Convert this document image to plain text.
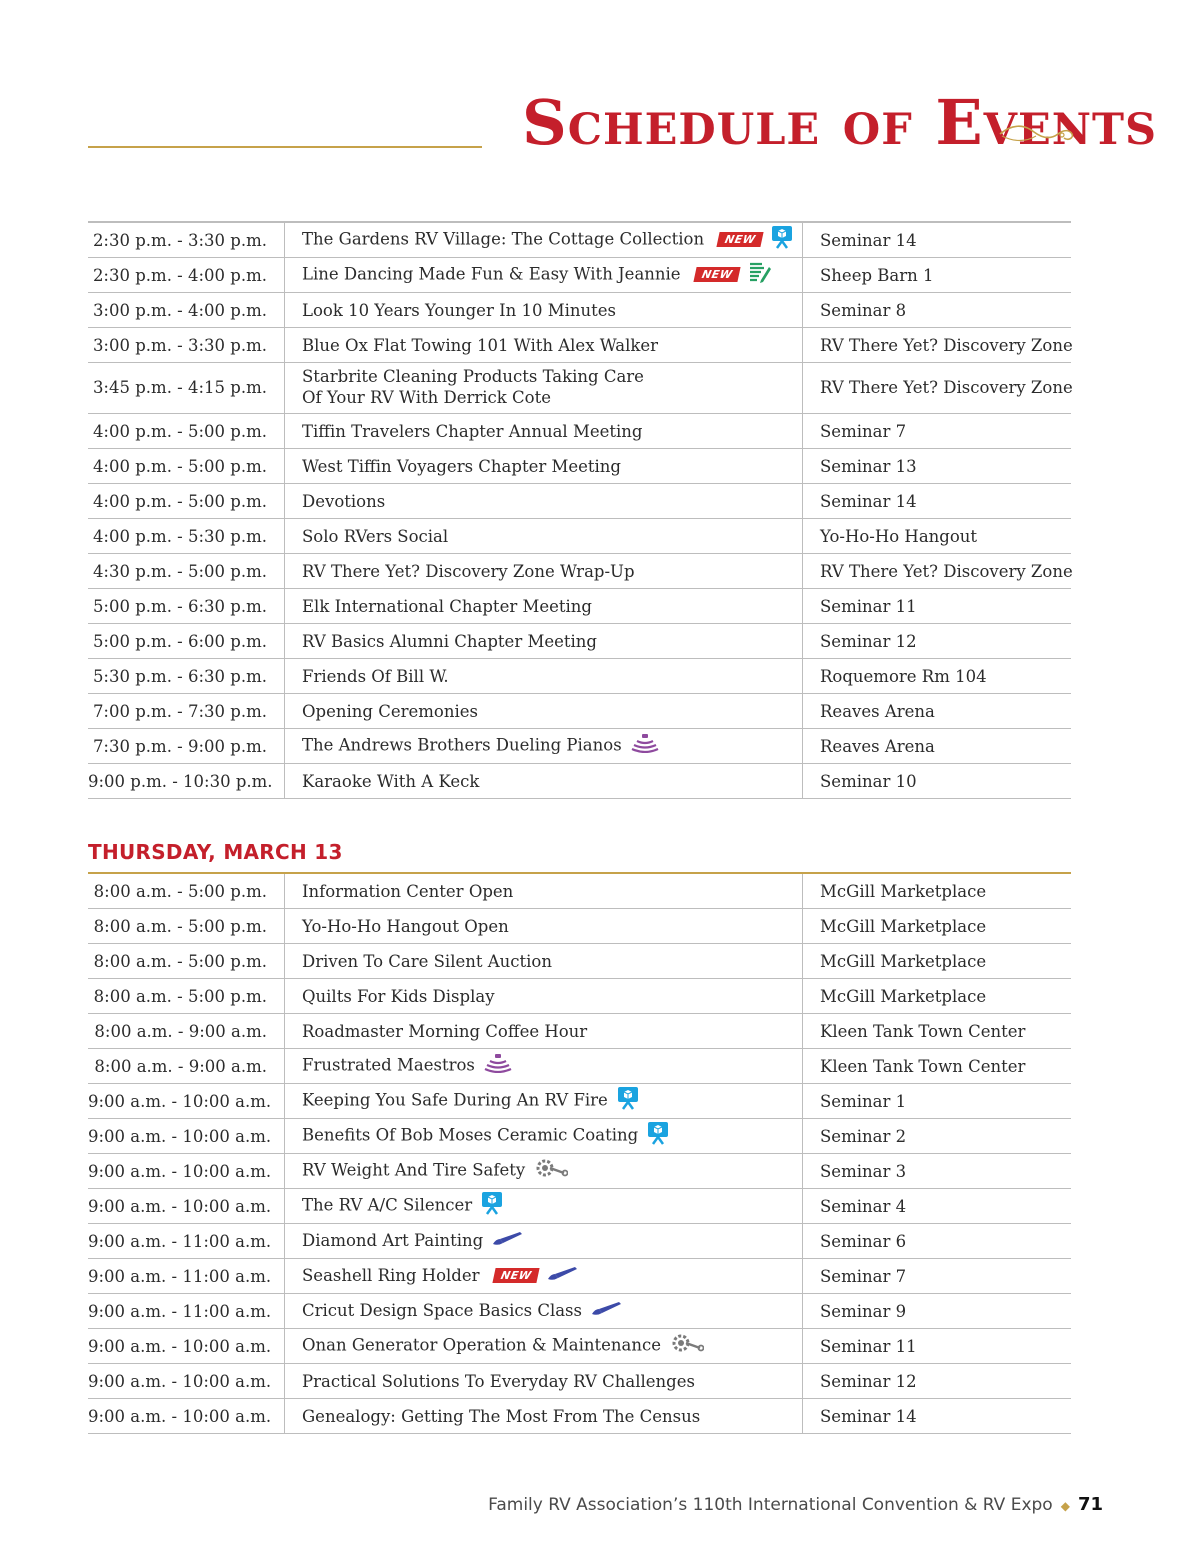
Schedule of Events
2:30 p.m. - 3:30 p.m.	The Gardens RV Village: The Cottage Collection NEW	Seminar 14
2:30 p.m. - 4:00 p.m.	Line Dancing Made Fun & Easy With Jeannie NEW	Sheep Barn 1
3:00 p.m. - 4:00 p.m.	Look 10 Years Younger In 10 Minutes	Seminar 8
3:00 p.m. - 3:30 p.m.	Blue Ox Flat Towing 101 With Alex Walker	RV There Yet? Discovery Zone
3:45 p.m. - 4:15 p.m.	Starbrite Cleaning Products Taking Care
Of Your RV With Derrick Cote	RV There Yet? Discovery Zone
4:00 p.m. - 5:00 p.m.	Tiffin Travelers Chapter Annual Meeting	Seminar 7
4:00 p.m. - 5:00 p.m.	West Tiffin Voyagers Chapter Meeting	Seminar 13
4:00 p.m. - 5:00 p.m.	Devotions	Seminar 14
4:00 p.m. - 5:30 p.m.	Solo RVers Social	Yo-Ho-Ho Hangout
4:30 p.m. - 5:00 p.m.	RV There Yet? Discovery Zone Wrap-Up	RV There Yet? Discovery Zone
5:00 p.m. - 6:30 p.m.	Elk International Chapter Meeting	Seminar 11
5:00 p.m. - 6:00 p.m.	RV Basics Alumni Chapter Meeting	Seminar 12
5:30 p.m. - 6:30 p.m.	Friends Of Bill W.	Roquemore Rm 104
7:00 p.m. - 7:30 p.m.	Opening Ceremonies	Reaves Arena
7:30 p.m. - 9:00 p.m.	The Andrews Brothers Dueling Pianos	Reaves Arena
9:00 p.m. - 10:30 p.m.	Karaoke With A Keck	Seminar 10
THURSDAY, MARCH 13
8:00 a.m. - 5:00 p.m.	Information Center Open	McGill Marketplace
8:00 a.m. - 5:00 p.m.	Yo-Ho-Ho Hangout Open	McGill Marketplace
8:00 a.m. - 5:00 p.m.	Driven To Care Silent Auction	McGill Marketplace
8:00 a.m. - 5:00 p.m.	Quilts For Kids Display	McGill Marketplace
8:00 a.m. - 9:00 a.m.	Roadmaster Morning Coffee Hour	Kleen Tank Town Center
8:00 a.m. - 9:00 a.m.	Frustrated Maestros	Kleen Tank Town Center
9:00 a.m. - 10:00 a.m.	Keeping You Safe During An RV Fire	Seminar 1
9:00 a.m. - 10:00 a.m.	Benefits Of Bob Moses Ceramic Coating	Seminar 2
9:00 a.m. - 10:00 a.m.	RV Weight And Tire Safety	Seminar 3
9:00 a.m. - 10:00 a.m.	The RV A/C Silencer	Seminar 4
9:00 a.m. - 11:00 a.m.	Diamond Art Painting	Seminar 6
9:00 a.m. - 11:00 a.m.	Seashell Ring Holder NEW	Seminar 7
9:00 a.m. - 11:00 a.m.	Cricut Design Space Basics Class	Seminar 9
9:00 a.m. - 10:00 a.m.	Onan Generator Operation & Maintenance	Seminar 11
9:00 a.m. - 10:00 a.m.	Practical Solutions To Everyday RV Challenges	Seminar 12
9:00 a.m. - 10:00 a.m.	Genealogy: Getting The Most From The Census	Seminar 14
Family RV Association’s 110th International Convention & RV Expo ◆ 71
